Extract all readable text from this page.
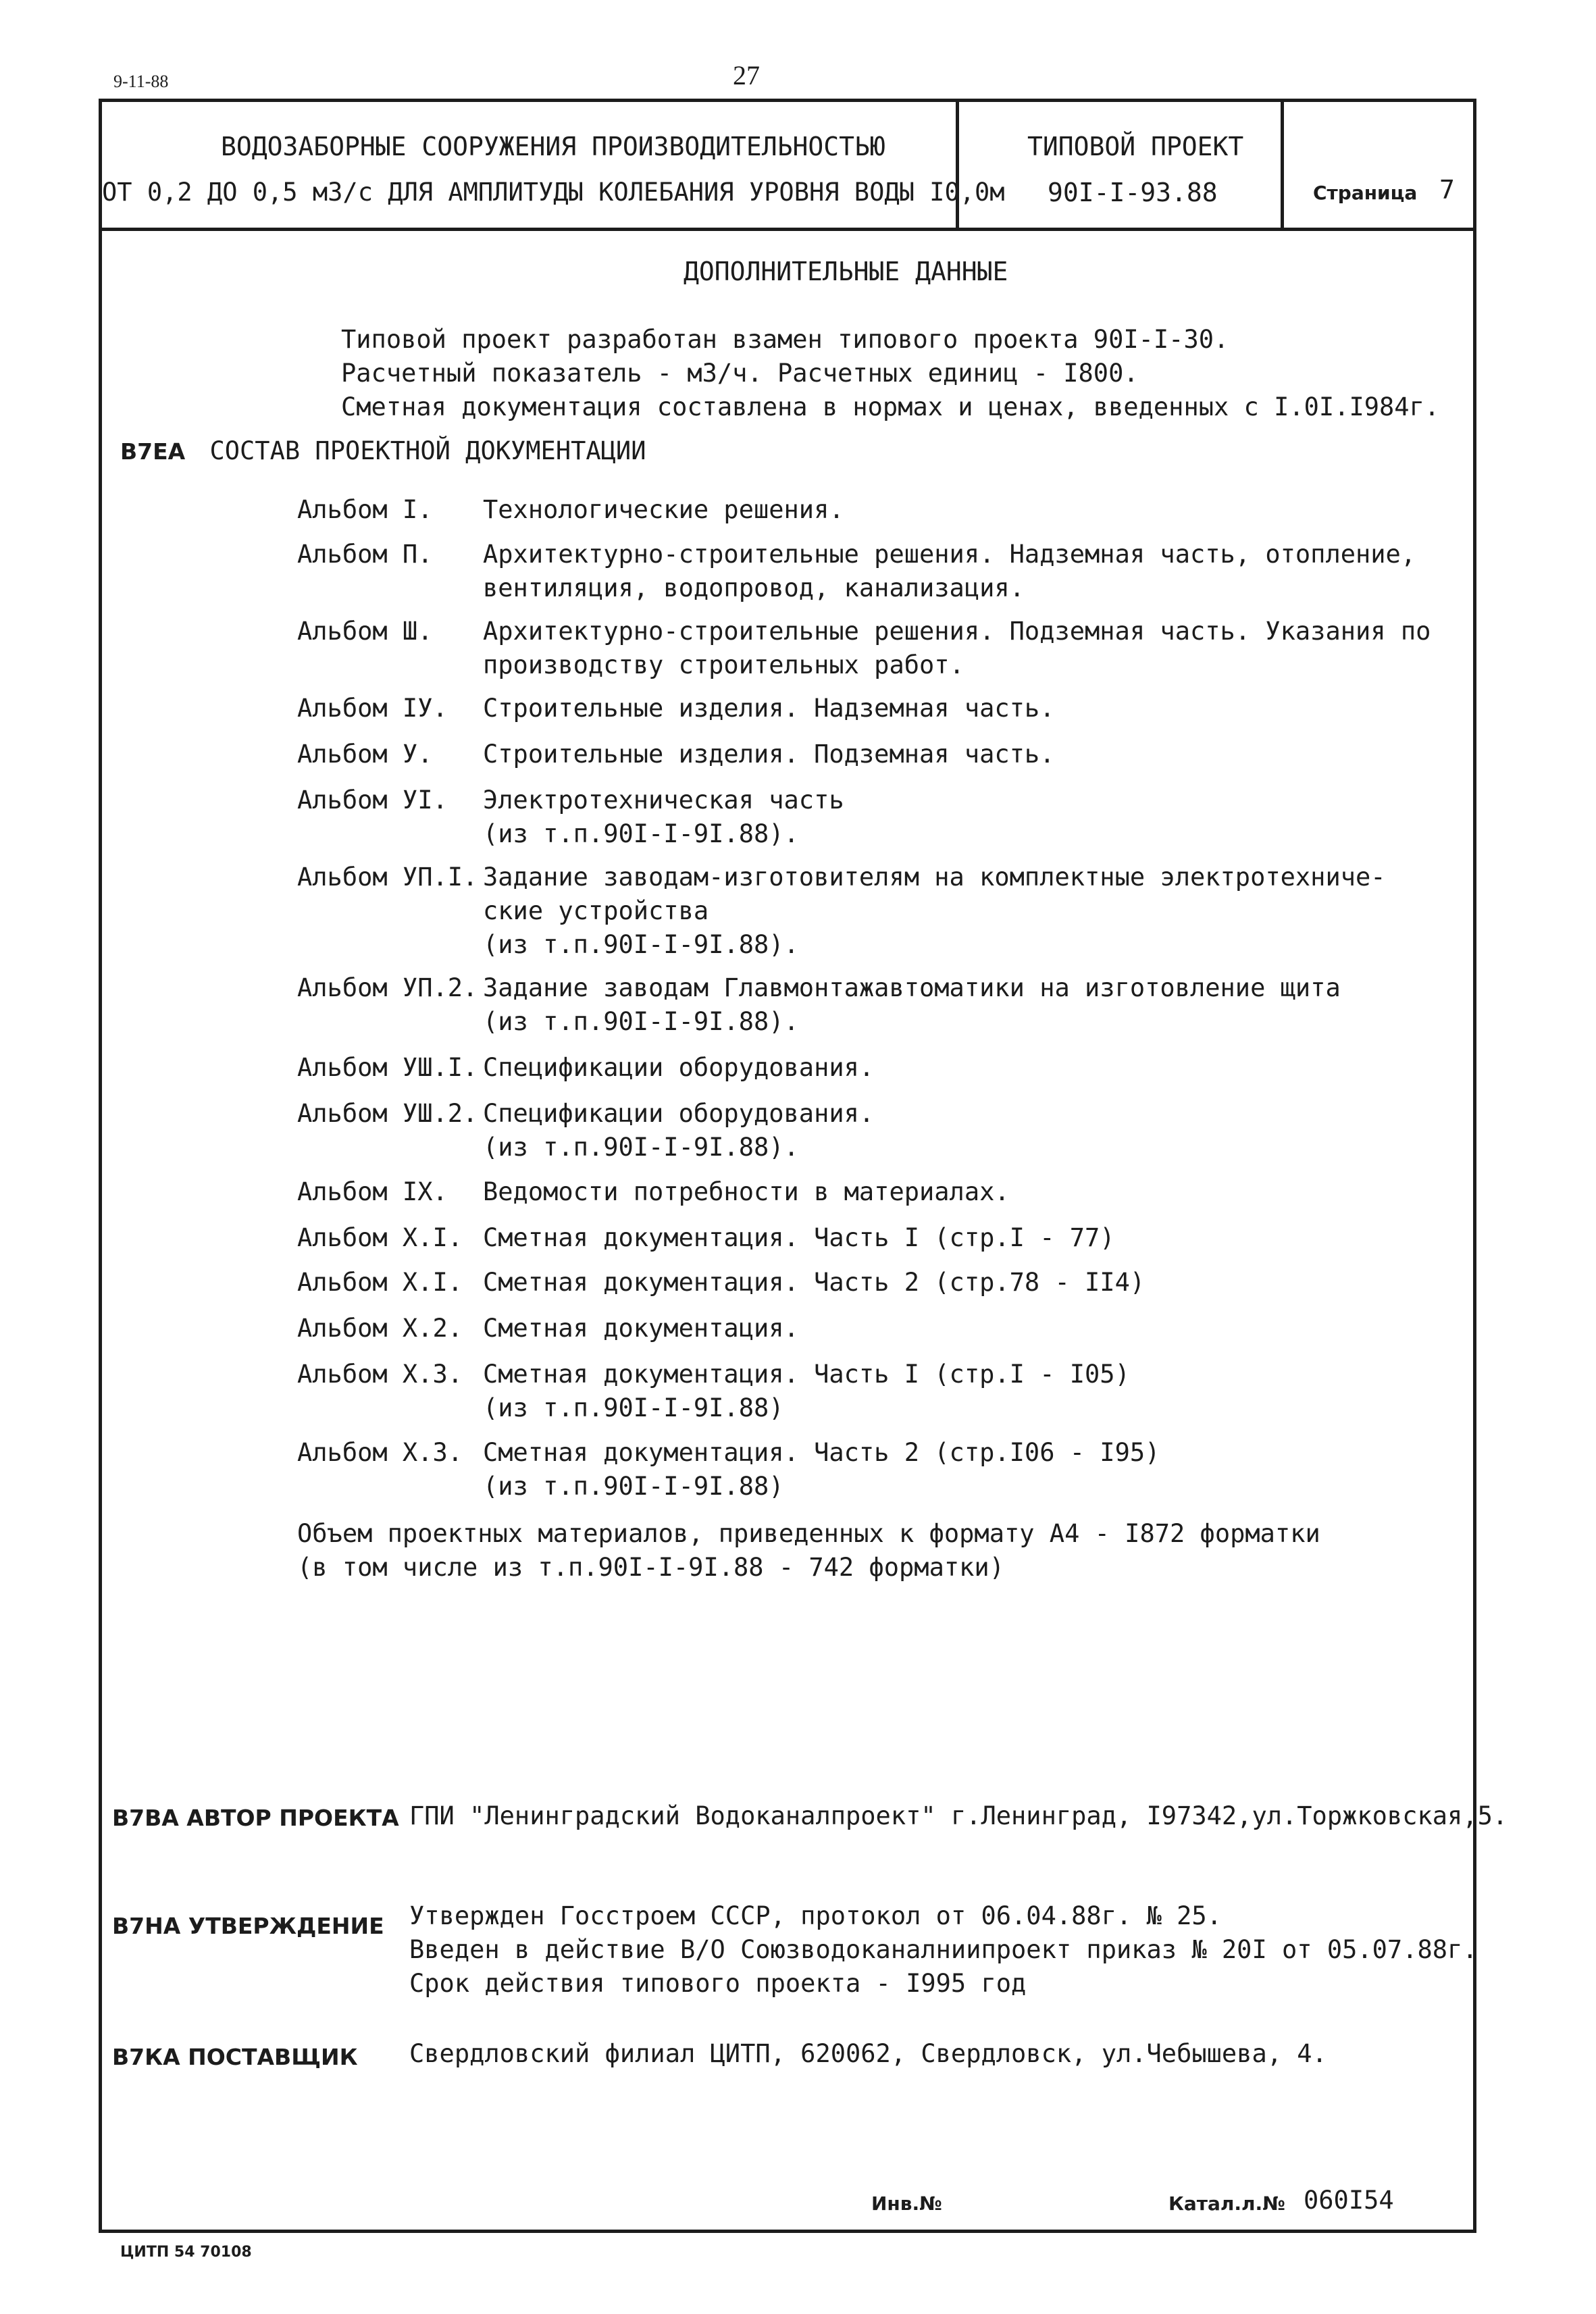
9-11-88	27
ВОДОЗАБОРНЫЕ СООРУЖЕНИЯ ПРОИЗВОДИТЕЛЬНОСТЬЮ
ОТ 0,2 ДО 0,5 м3/с ДЛЯ АМПЛИТУДЫ КОЛЕБАНИЯ УРОВНЯ ВОДЫ I0,0м
ТИПОВОЙ ПРОЕКТ
90I-I-93.88	Страница 7
ДОПОЛНИТЕЛЬНЫЕ ДАННЫЕ
Типовой проект разработан взамен типового проекта 90I-I-30.
Расчетный показатель - м3/ч. Расчетных единиц - I800.
Сметная документация составлена в нормах и ценах, введенных с I.0I.I984г.
В7ЕА СОСТАВ ПРОЕКТНОЙ ДОКУМЕНТАЦИИ
Альбом I. Технологические решения.
Альбом П. Архитектурно-строительные решения. Надземная часть, отопление,
вентиляция, водопровод, канализация.
Альбом Ш. Архитектурно-строительные решения. Подземная часть. Указания по
производству строительных работ.
Альбом IУ. Строительные изделия. Надземная часть.
Альбом У. Строительные изделия. Подземная часть.
Альбом УI. Электротехническая часть
(из т.п.90I-I-9I.88).
Альбом УП.I. Задание заводам-изготовителям на комплектные электротехниче-
ские устройства
(из т.п.90I-I-9I.88).
Альбом УП.2. Задание заводам Главмонтажавтоматики на изготовление щита
(из т.п.90I-I-9I.88).
Альбом УШ.I. Спецификации оборудования.
Альбом УШ.2. Спецификации оборудования.
(из т.п.90I-I-9I.88).
Альбом IX. Ведомости потребности в материалах.
Альбом Х.I. Сметная документация. Часть I (стр.I - 77)
Альбом Х.I. Сметная документация. Часть 2 (стр.78 - II4)
Альбом Х.2. Сметная документация.
Альбом Х.3. Сметная документация. Часть I (стр.I - I05)
(из т.п.90I-I-9I.88)
Альбом Х.3. Сметная документация. Часть 2 (стр.I06 - I95)
(из т.п.90I-I-9I.88)
Объем проектных материалов, приведенных к формату А4 - I872 форматки
(в том числе из т.п.90I-I-9I.88 - 742 форматки)
В7ВА АВТОР ПРОЕКТА ГПИ "Ленинградский Водоканалпроект" г.Ленинград, I97342,ул.Торжковская,5.
В7НА УТВЕРЖДЕНИЕ Утвержден Госстроем СССР, протокол от 06.04.88г. № 25.
Введен в действие В/О Союзводоканалниипроект приказ № 20I от 05.07.88г.
Срок действия типового проекта - I995 год
В7КА ПОСТАВЩИК Свердловский филиал ЦИТП, 620062, Свердловск, ул.Чебышева, 4.
Инв.№	Катал.л.№ 060I54
ЦИТП 54 70108
